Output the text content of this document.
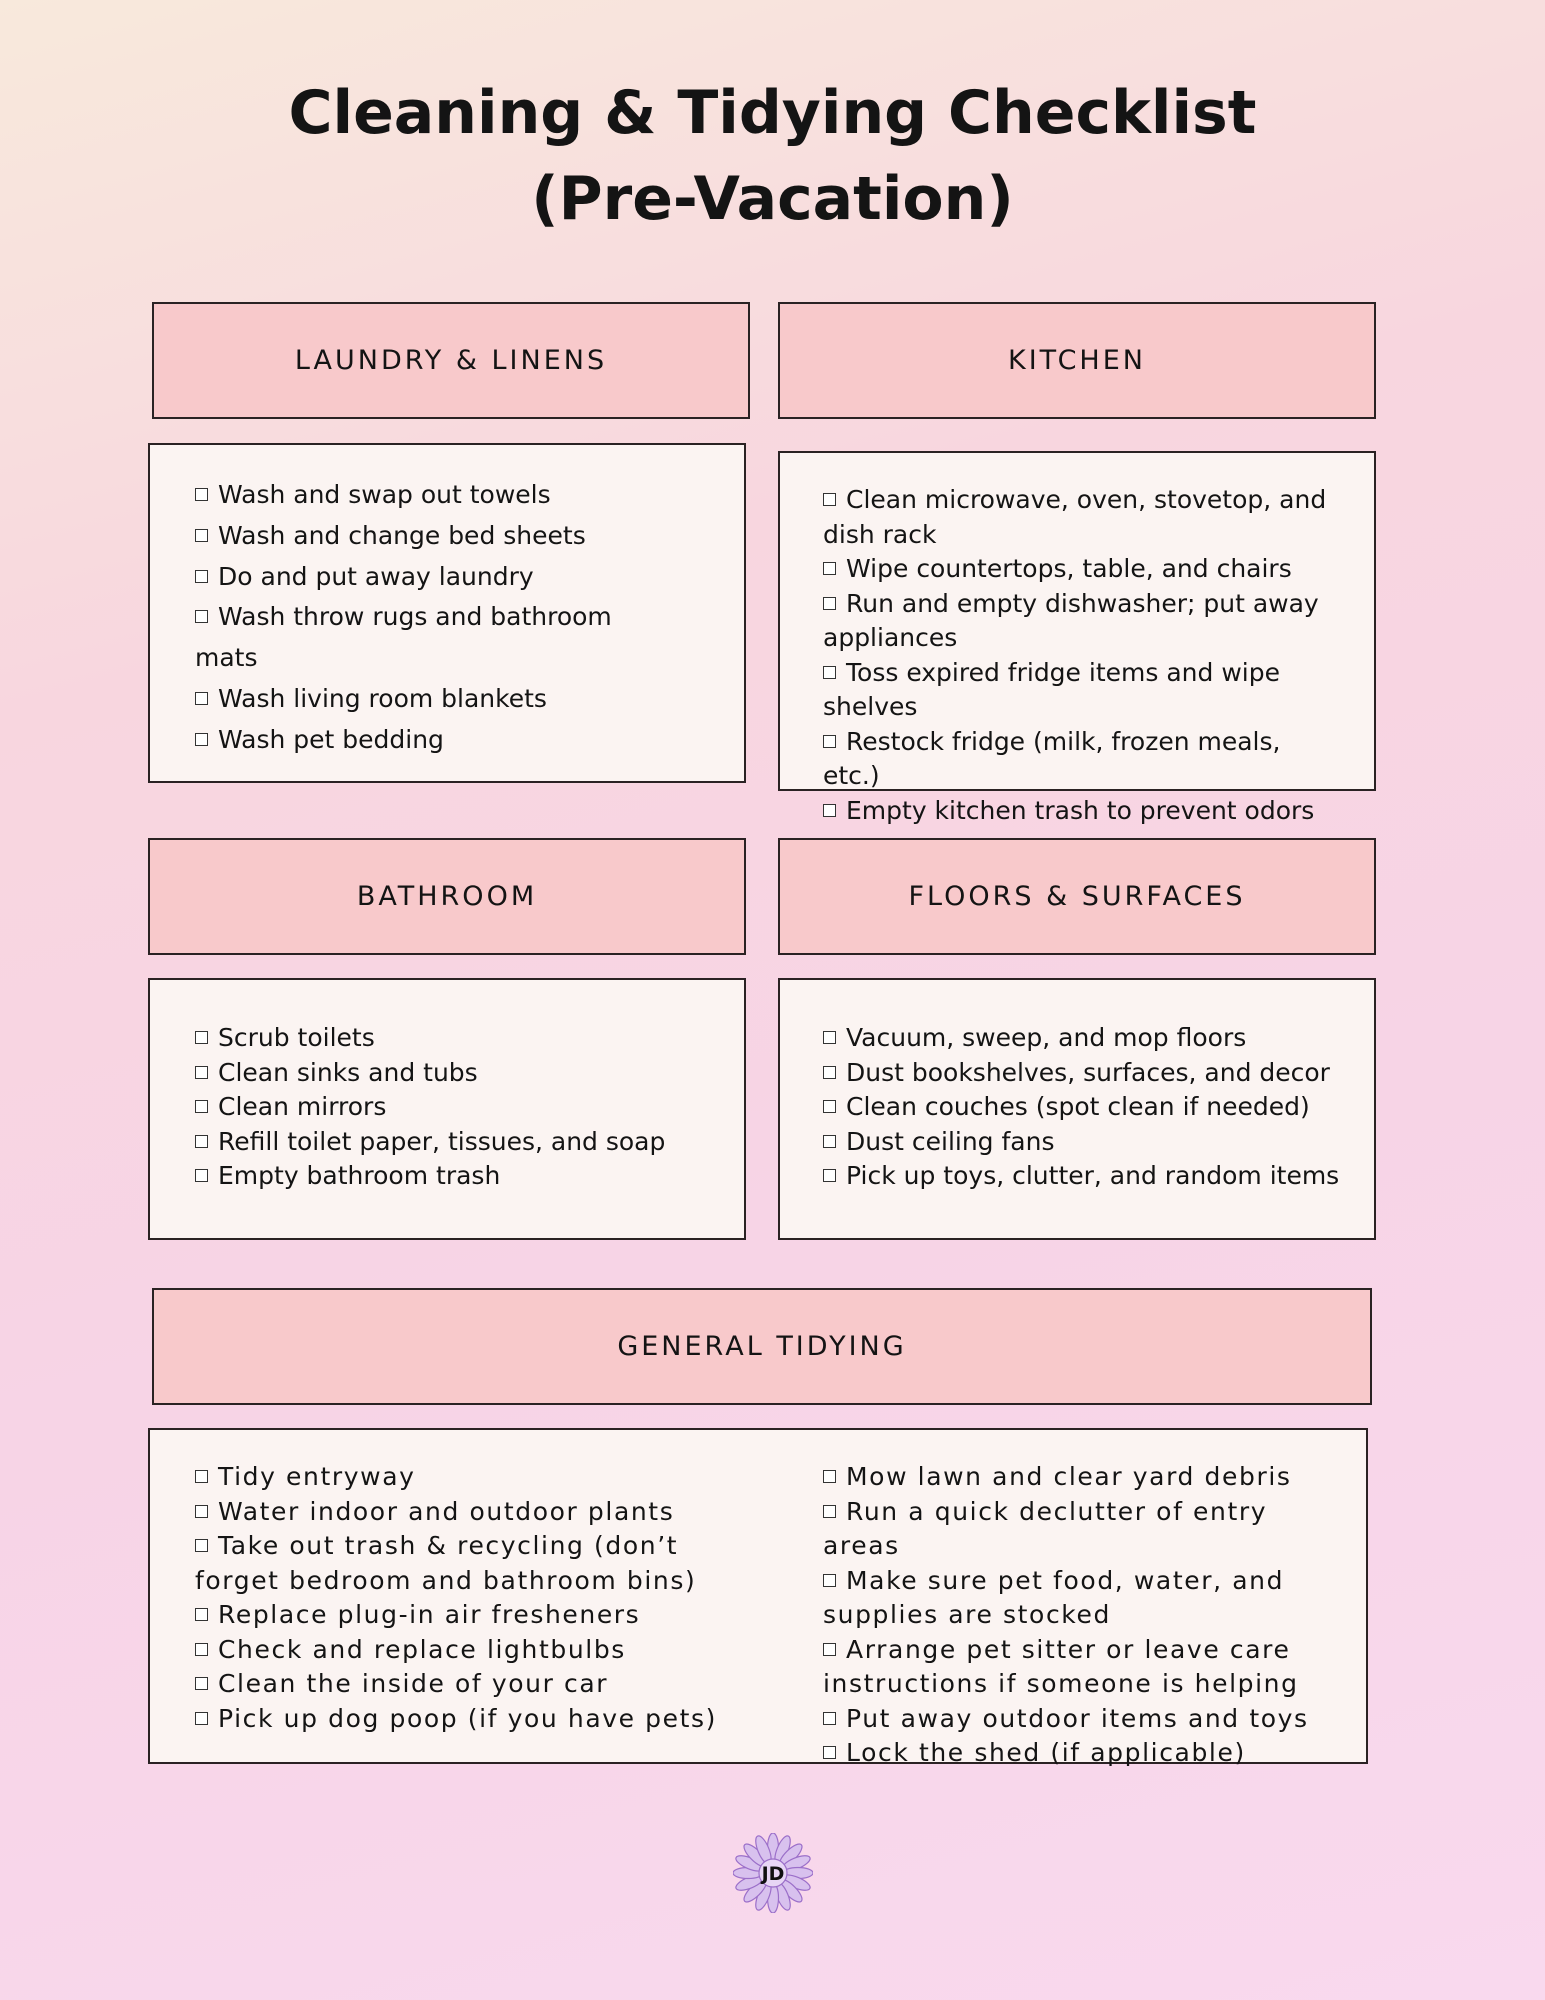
Cleaning & Tidying Checklist
(Pre-Vacation)
LAUNDRY & LINENS
Wash and swap out towels
Wash and change bed sheets
Do and put away laundry
Wash throw rugs and bathroom mats
Wash living room blankets
Wash pet bedding
KITCHEN
Clean microwave, oven, stovetop, and dish rack
Wipe countertops, table, and chairs
Run and empty dishwasher; put away appliances
Toss expired fridge items and wipe shelves
Restock fridge (milk, frozen meals, etc.)
Empty kitchen trash to prevent odors
BATHROOM
Scrub toilets
Clean sinks and tubs
Clean mirrors
Refill toilet paper, tissues, and soap
Empty bathroom trash
FLOORS & SURFACES
Vacuum, sweep, and mop floors
Dust bookshelves, surfaces, and decor
Clean couches (spot clean if needed)
Dust ceiling fans
Pick up toys, clutter, and random items
GENERAL TIDYING
Tidy entryway
Water indoor and outdoor plants
Take out trash & recycling (don’t forget bedroom and bathroom bins)
Replace plug-in air fresheners
Check and replace lightbulbs
Clean the inside of your car
Pick up dog poop (if you have pets)
Mow lawn and clear yard debris
Run a quick declutter of entry areas
Make sure pet food, water, and supplies are stocked
Arrange pet sitter or leave care instructions if someone is helping
Put away outdoor items and toys
Lock the shed (if applicable)
JD
